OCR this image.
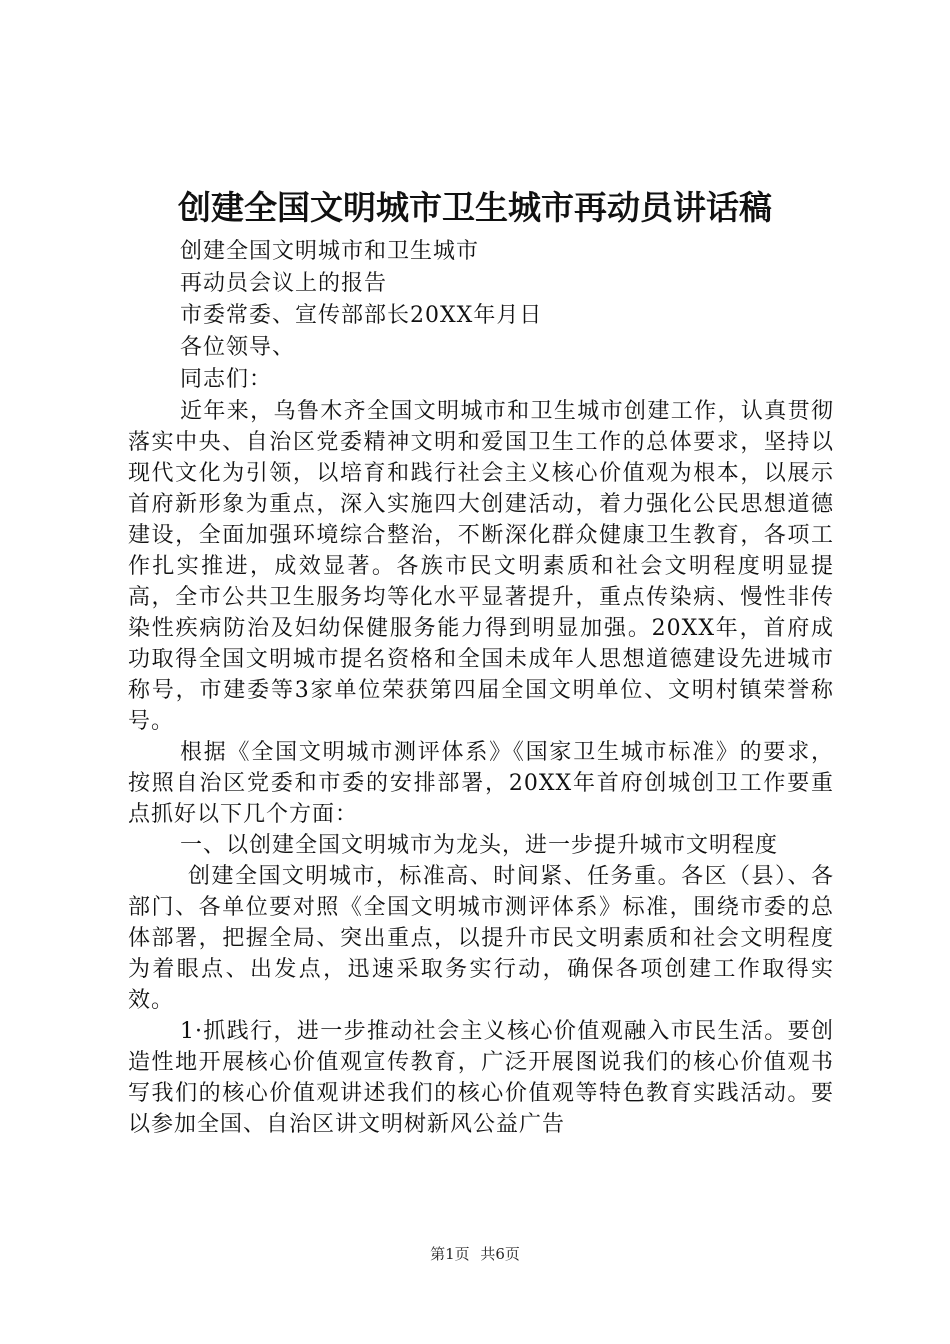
创建全国文明城市卫生城市再动员讲话稿

创建全国文明城市和卫生城市

再动员会议上的报告

市委常委、宣传部部长20XX年月日

各位领导、

同志们：

近年来，乌鲁木齐全国文明城市和卫生城市创建工作，认真贯彻落实中央、自治区党委精神文明和爱国卫生工作的总体要求，坚持以现代文化为引领，以培育和践行社会主义核心价值观为根本，以展示首府新形象为重点，深入实施四大创建活动，着力强化公民思想道德建设，全面加强环境综合整治，不断深化群众健康卫生教育，各项工作扎实推进，成效显著。各族市民文明素质和社会文明程度明显提高，全市公共卫生服务均等化水平显著提升，重点传染病、慢性非传染性疾病防治及妇幼保健服务能力得到明显加强。20XX年，首府成功取得全国文明城市提名资格和全国未成年人思想道德建设先进城市称号，市建委等3家单位荣获第四届全国文明单位、文明村镇荣誉称号。

根据《全国文明城市测评体系》《国家卫生城市标准》的要求，按照自治区党委和市委的安排部署，20XX年首府创城创卫工作要重点抓好以下几个方面：

一、以创建全国文明城市为龙头，进一步提升城市文明程度

创建全国文明城市，标准高、时间紧、任务重。各区（县）、各部门、各单位要对照《全国文明城市测评体系》标准，围绕市委的总体部署，把握全局、突出重点，以提升市民文明素质和社会文明程度为着眼点、出发点，迅速采取务实行动，确保各项创建工作取得实效。

1·抓践行，进一步推动社会主义核心价值观融入市民生活。要创造性地开展核心价值观宣传教育，广泛开展图说我们的核心价值观书写我们的核心价值观讲述我们的核心价值观等特色教育实践活动。要以参加全国、自治区讲文明树新风公益广告

第1页 共6页
